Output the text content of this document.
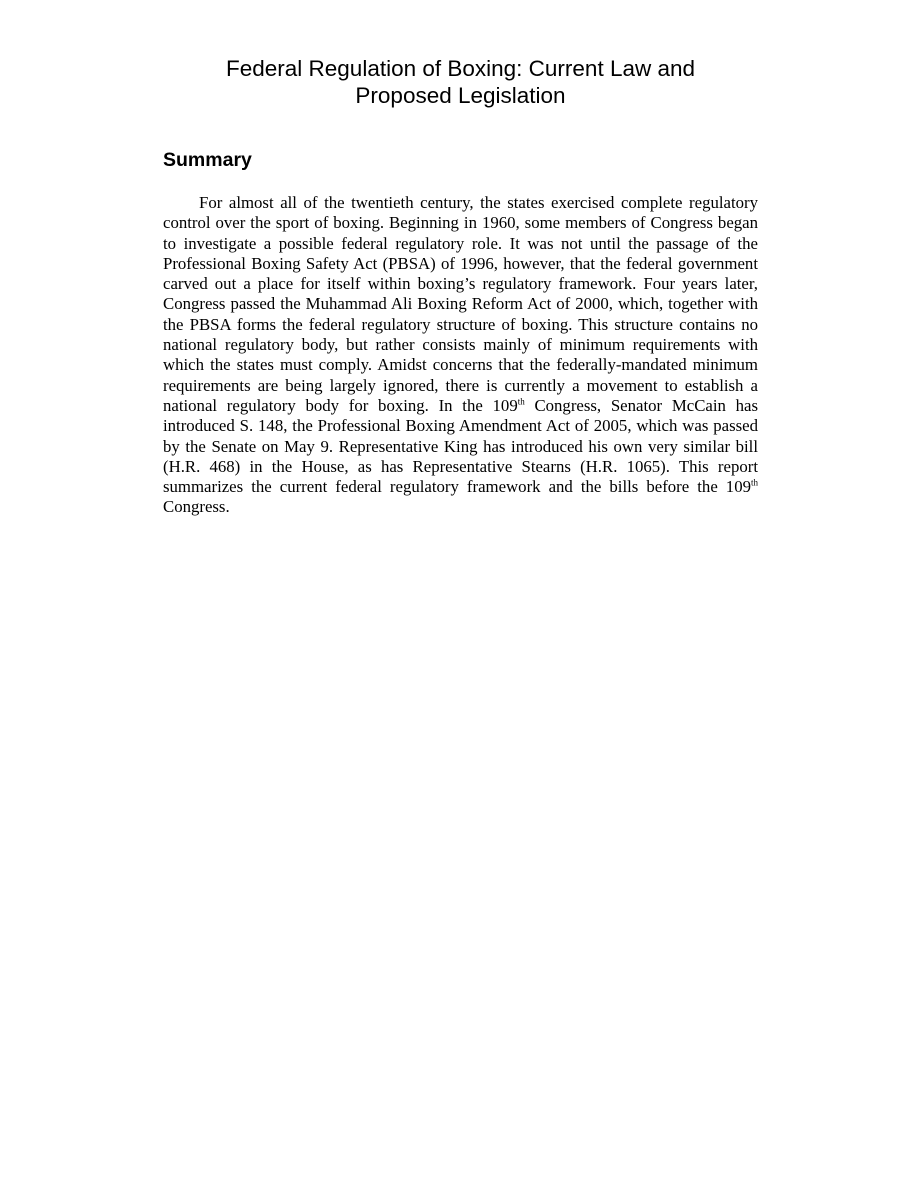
Federal Regulation of Boxing: Current Law and
Proposed Legislation
Summary

For almost all of the twentieth century, the states exercised complete regulatory control over the sport of boxing. Beginning in 1960, some members of Congress began to investigate a possible federal regulatory role. It was not until the passage of the Professional Boxing Safety Act (PBSA) of 1996, however, that the federal government carved out a place for itself within boxing’s regulatory framework. Four years later, Congress passed the Muhammad Ali Boxing Reform Act of 2000, which, together with the PBSA forms the federal regulatory structure of boxing. This structure contains no national regulatory body, but rather consists mainly of minimum requirements with which the states must comply. Amidst concerns that the federally-mandated minimum requirements are being largely ignored, there is currently a movement to establish a national regulatory body for boxing. In the 109th Congress, Senator McCain has introduced S. 148, the Professional Boxing Amendment Act of 2005, which was passed by the Senate on May 9. Representative King has introduced his own very similar bill (H.R. 468) in the House, as has Representative Stearns (H.R. 1065). This report summarizes the current federal regulatory framework and the bills before the 109th Congress.
